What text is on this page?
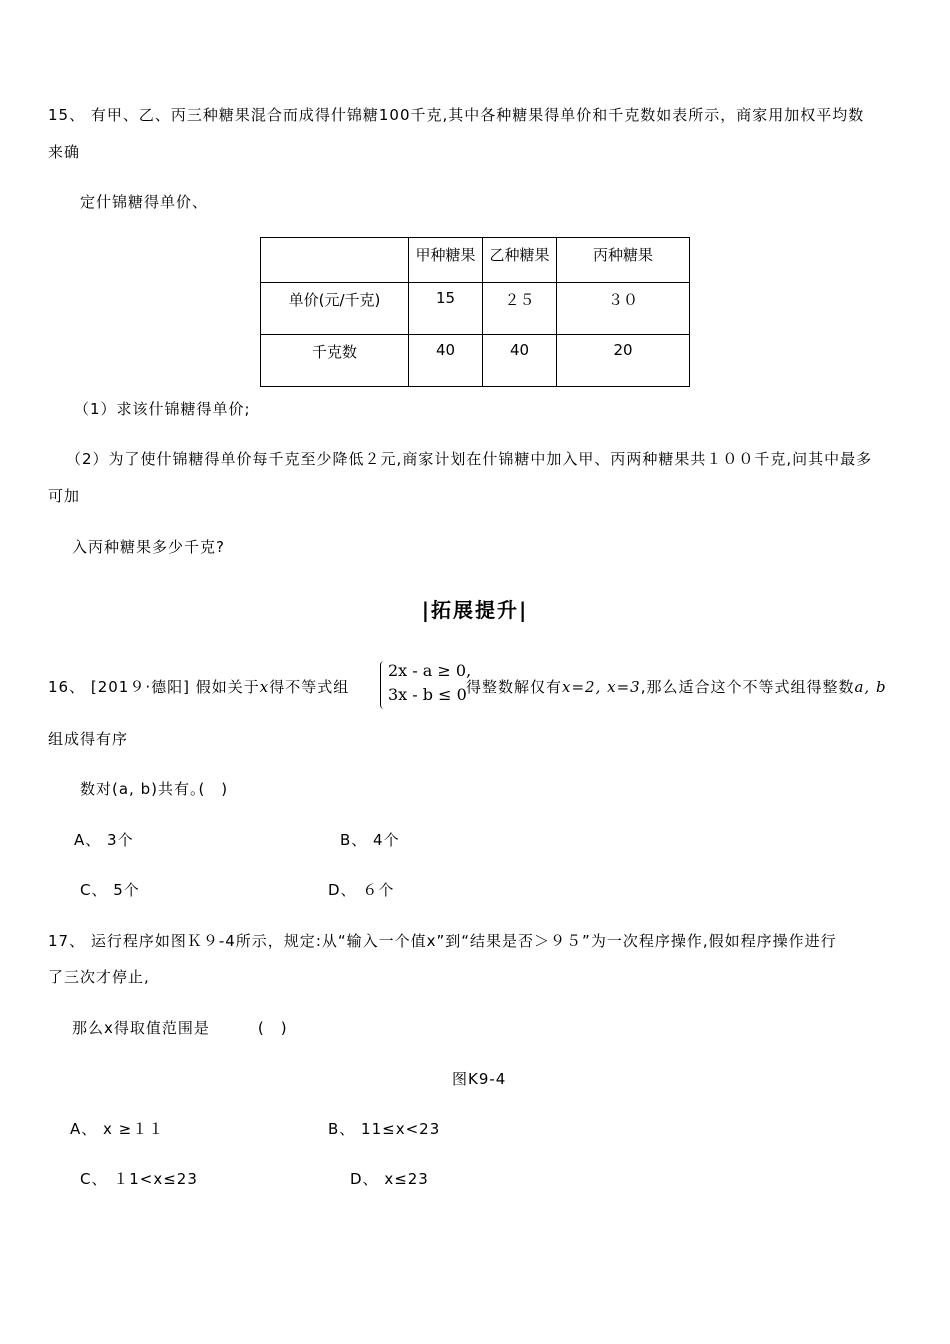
15、 有甲、乙、丙三种糖果混合而成得什锦糖100千克,其中各种糖果得单价和千克数如表所示，商家用加权平均数
来确
定什锦糖得单价、
	甲种糖果	乙种糖果	丙种糖果
单价(元/千克)	15	２５	３０
千克数	40	40	20
（1）求该什锦糖得单价;
（2）为了使什锦糖得单价每千克至少降低２元,商家计划在什锦糖中加入甲、丙两种糖果共１００千克,问其中最多
可加
入丙种糖果多少千克?
|拓展提升|
16、 [201９·德阳] 假如关于x得不等式组
2x - a ≥ 0,
3x - b ≤ 0 得整数解仅有x=2, x=3,那么适合这个不等式组得整数a, b
组成得有序
数对(a, b)共有｡(　)
A、 3个	B、 4个
C、 5个	D、 ６个
17、 运行程序如图Ｋ９-4所示，规定:从“输入一个值x”到“结果是否＞９５”为一次程序操作,假如程序操作进行
了三次才停止,
那么x得取值范围是　　　(　)
图K9-4
A、 x ≥１１	B、 11≤x<23
C、 １1<x≤23	D、 x≤23
